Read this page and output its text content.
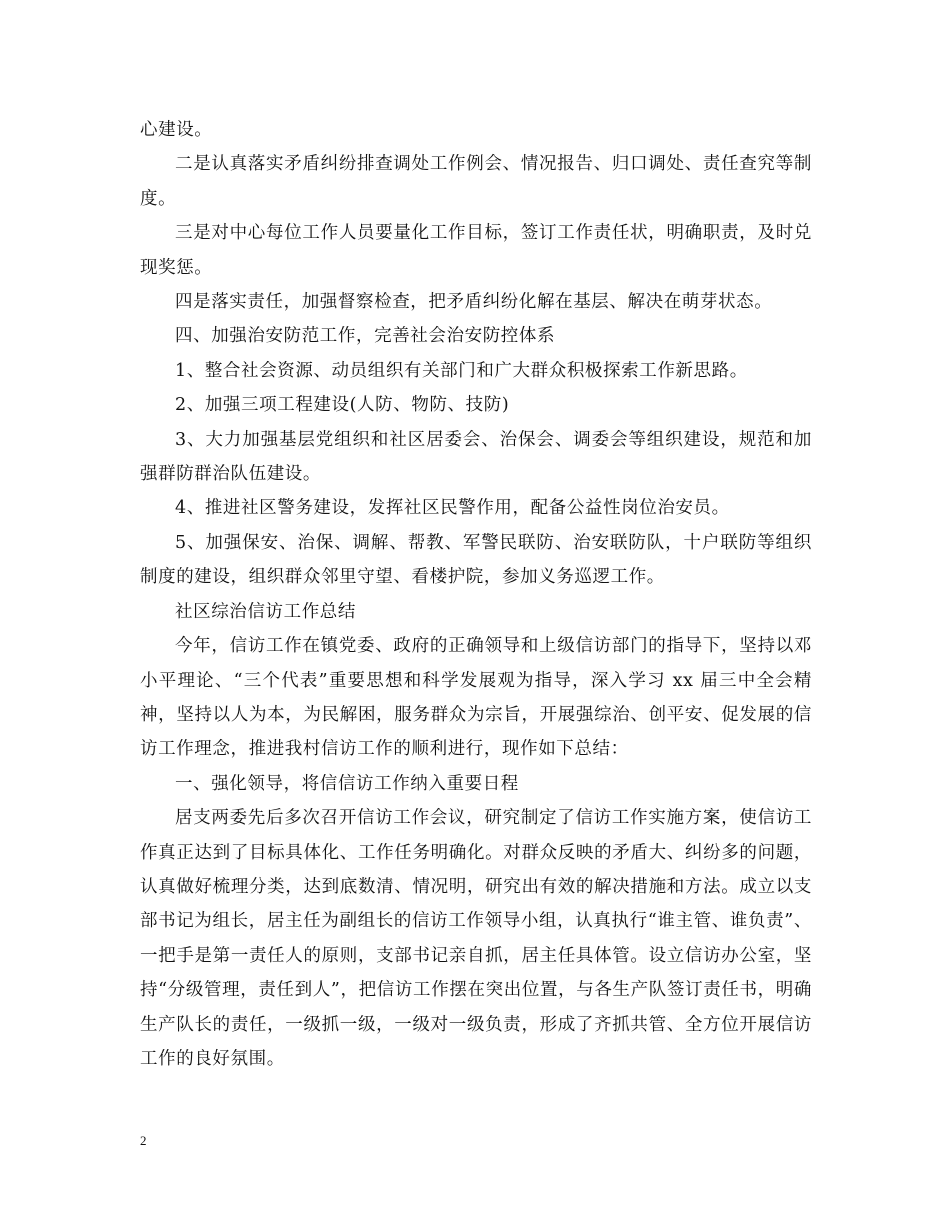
心建设。

二是认真落实矛盾纠纷排查调处工作例会、情况报告、归口调处、责任查究等制度。

三是对中心每位工作人员要量化工作目标，签订工作责任状，明确职责，及时兑现奖惩。

四是落实责任，加强督察检查，把矛盾纠纷化解在基层、解决在萌芽状态。

四、加强治安防范工作，完善社会治安防控体系

1、整合社会资源、动员组织有关部门和广大群众积极探索工作新思路。

2、加强三项工程建设(人防、物防、技防)

3、大力加强基层党组织和社区居委会、治保会、调委会等组织建设，规范和加强群防群治队伍建设。

4、推进社区警务建设，发挥社区民警作用，配备公益性岗位治安员。

5、加强保安、治保、调解、帮教、军警民联防、治安联防队，十户联防等组织制度的建设，组织群众邻里守望、看楼护院，参加义务巡逻工作。

社区综治信访工作总结

今年，信访工作在镇党委、政府的正确领导和上级信访部门的指导下，坚持以邓小平理论、“三个代表”重要思想和科学发展观为指导，深入学习 xx 届三中全会精神，坚持以人为本，为民解困，服务群众为宗旨，开展强综治、创平安、促发展的信访工作理念，推进我村信访工作的顺利进行，现作如下总结：

一、强化领导，将信信访工作纳入重要日程

居支两委先后多次召开信访工作会议，研究制定了信访工作实施方案，使信访工作真正达到了目标具体化、工作任务明确化。对群众反映的矛盾大、纠纷多的问题，认真做好梳理分类，达到底数清、情况明，研究出有效的解决措施和方法。成立以支部书记为组长，居主任为副组长的信访工作领导小组，认真执行“谁主管、谁负责”、一把手是第一责任人的原则，支部书记亲自抓，居主任具体管。设立信访办公室，坚持“分级管理，责任到人”，把信访工作摆在突出位置，与各生产队签订责任书，明确生产队长的责任，一级抓一级，一级对一级负责，形成了齐抓共管、全方位开展信访工作的良好氛围。

2
